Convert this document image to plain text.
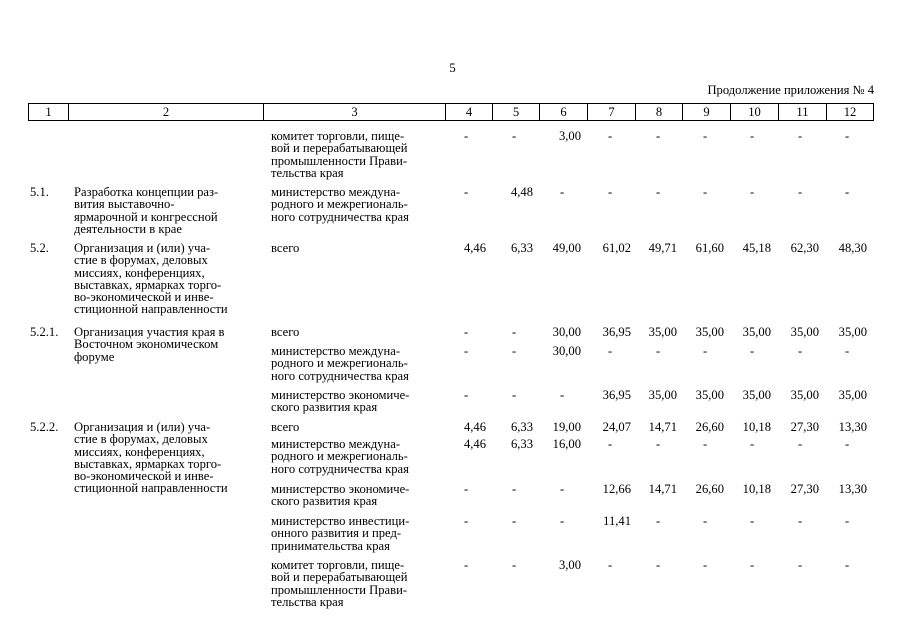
5
Продолжение приложения № 4
1	2	3	4	5	6	7	8	9	10	11	12
комитет торговли, пище-
вой и перерабатывающей
промышленности Прави-
тельства края
-	-	3,00 -	-	-	-	-	-
5.1.	Разработка концепции раз-
вития выставочно-
ярмарочной и конгрессной
деятельности в крае
министерство междуна-
родного и межрегиональ-
ного сотрудничества края
-	4,48 -	-	-	-	-	-	-
5.2.	Организация и (или) уча-
стие в форумах, деловых
миссиях, конференциях,
выставках, ярмарках торго-
во-экономической и инве-
стиционной направленности
всего	4,46 6,33 49,00 61,02 49,71 61,60 45,18 62,30 48,30
5.2.1.	Организация участия края в
Восточном экономическом
форуме
всего	-	-	30,00 36,95 35,00 35,00 35,00 35,00 35,00
министерство междуна-
родного и межрегиональ-
ного сотрудничества края
-	-	30,00 -	-	-	-	-	-
министерство экономиче-
ского развития края
-	-	-	36,95 35,00 35,00 35,00 35,00 35,00
5.2.2.	Организация и (или) уча-
стие в форумах, деловых
миссиях, конференциях,
выставках, ярмарках торго-
во-экономической и инве-
стиционной направленности
всего	4,46 6,33 19,00 24,07 14,71 26,60 10,18 27,30 13,30
министерство междуна-
родного и межрегиональ-
ного сотрудничества края
4,46 6,33 16,00 -	-	-	-	-	-
министерство экономиче-
ского развития края
-	-	-	12,66 14,71 26,60 10,18 27,30 13,30
министерство инвестици-
онного развития и пред-
принимательства края
-	-	-	11,41 -	-	-	-	-
комитет торговли, пище-
вой и перерабатывающей
промышленности Прави-
тельства края
-	-	3,00 -	-	-	-	-	-
